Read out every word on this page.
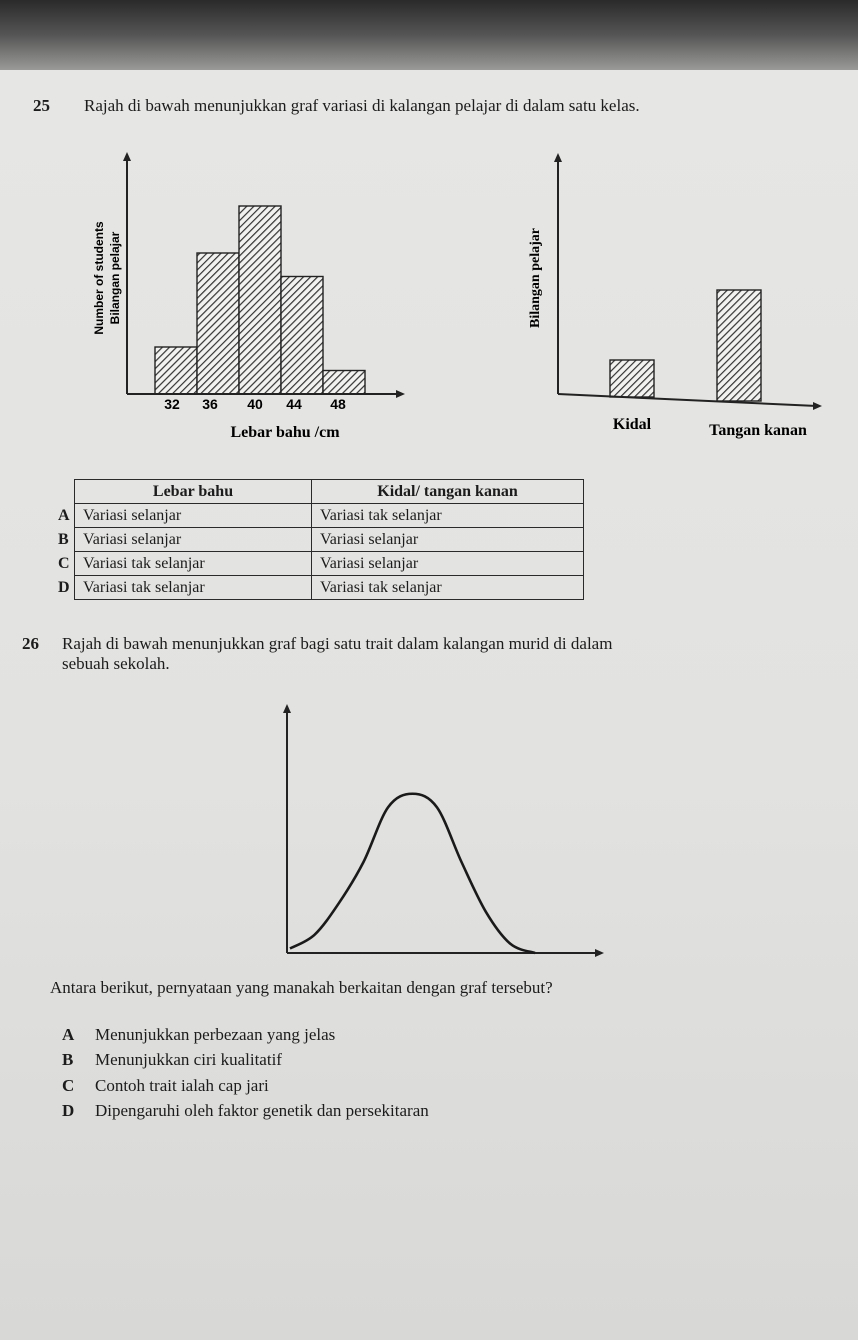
25 Rajah di bawah menunjukkan graf variasi di kalangan pelajar di dalam satu kelas.
32 36 40 44 48
Number of students Bilangan pelajar
Lebar bahu /cm
Bilangan pelajar
Kidal	Tangan kanan
	Lebar bahu	Kidal/ tangan kanan
A	Variasi selanjar	Variasi tak selanjar
B	Variasi selanjar	Variasi selanjar
C	Variasi tak selanjar	Variasi selanjar
D	Variasi tak selanjar	Variasi tak selanjar
26 Rajah di bawah menunjukkan graf bagi satu trait dalam kalangan murid di dalam
sebuah sekolah.
Antara berikut, pernyataan yang manakah berkaitan dengan graf tersebut?
A Menunjukkan perbezaan yang jelas
B Menunjukkan ciri kualitatif
C Contoh trait ialah cap jari
D Dipengaruhi oleh faktor genetik dan persekitaran
